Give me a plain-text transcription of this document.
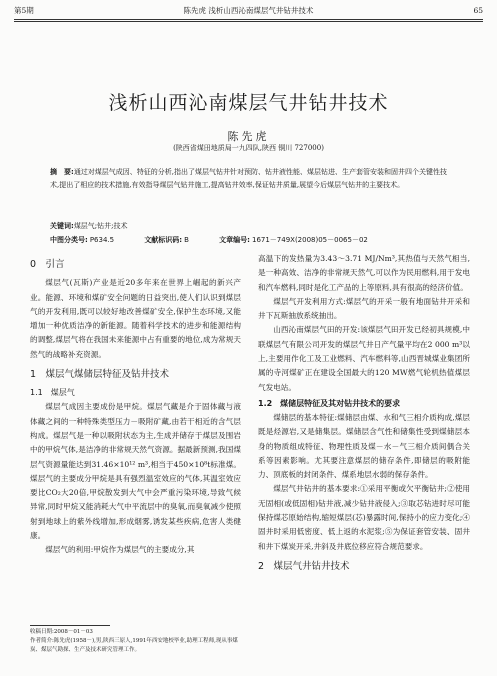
第5期	陈先虎 浅析山西沁南煤层气井钻井技术	65
浅析山西沁南煤层气井钻井技术
陈先虎
(陕西省煤田地质局一九四队,陕西 铜川 727000)
摘　要:通过对煤层气成因、特征的分析,指出了煤层气钻井针对预防、钻井液性能、煤层钻进、生产套管安装和固井四个关键性技术,提出了相应的技术措施,有效指导煤层气钻井施工,提高钻井效率,保证钻井质量,展望今后煤层气钻井的主要技术。
关键词:煤层气;钻井;技术
中图分类号: P634.5	文献标识码: B	文章编号: 1671－749X(2008)05－0065－02
0　引言

煤层气(瓦斯)产业是近20多年来在世界上崛起的新兴产业。能源、环境和煤矿安全问题的日益突出,使人们认识到煤层气的开发利用,既可以较好地改善煤矿安全,保护生态环境,又能增加一种优质洁净的新能源。随着科学技术的进步和能源结构的调整,煤层气将在我国未来能源中占有重要的地位,成为常规天然气的战略补充资源。

1　煤层气煤储层特征及钻井技术
1.1　煤层气

煤层气成因主要成份是甲烷。煤层气藏是介于固体藏与液体藏之间的一种特殊类型压力－吸附矿藏,由若干相近的含气层构成。煤层气是一种以吸附状态为主,生成并储存于煤层及围岩中的甲烷气体,是洁净的非常规天然气资源。据最新预测,我国煤层气资源量能达到31.46×10¹² m³,相当于450×10⁸t标准煤。煤层气的主要成分甲烷是具有强烈温室效应的气体,其温室效应要比CO₂大20倍,甲烷散发到大气中会严重污染环境,导致气候异常,同时甲烷又能消耗大气中平流层中的臭氧,而臭氧减少使照射到地球上的紫外线增加,形成烟雾,诱发某些疾病,危害人类健康。

煤层气的利用:甲烷作为煤层气的主要成分,其

高温下的发热量为3.43～3.71 MJ/Nm³,其热值与天然气相当,是一种高效、洁净的非常规天然气,可以作为民用燃料,用于发电和汽车燃料,同时是化工产品的上等原料,具有很高的经济价值。

煤层气开发利用方式:煤层气的开采一般有地面钻井开采和井下瓦斯抽放系统抽出。

山西沁南煤层气田的开发:该煤层气田开发已经初具规模,中联煤层气有限公司开发的煤层气井日产气量平均在2 000 m³以上,主要用作化工及工业燃料、汽车燃料等,山西晋城煤业集团所属的寺河煤矿正在建设全国最大的120 MW燃气轮机热值煤层气发电站。

1.2　煤储层特征及其对钻井技术的要求

煤储层的基本特征:煤储层由煤、水和气三相介质构成,煤层既是烃源岩,又是储集层。煤储层含气性和储集性受到煤储层本身的物质组成特征、物理性质及煤－水－气三相介质间偶合关系等因素影响。尤其要注意煤层的储存条件,即储层的吸附能力、顶底板的封闭条件、煤系地层水弱的保存条件。

煤层气井钻井的基本要求:①采用平衡或欠平衡钻井;②使用无固相(或低固相)钻井液,减少钻井液侵入;③取芯钻进时尽可能保持煤芯原始结构,缩短煤层(芯)暴露时间,保持小的应力变化;④固井时采用低密度、低上返的水泥浆;⑤为保证套管安装、固井和井下煤炭开采,井斜及井底位移应符合规范要求。

2　煤层气井钻井技术
收稿日期:2008－01－03
作者简介:陈先虎(1958－),男,陕西三原人,1991年西安地校毕业,助理工程师,现从事煤炭、煤层气勘探、生产及技术研究管理工作。
